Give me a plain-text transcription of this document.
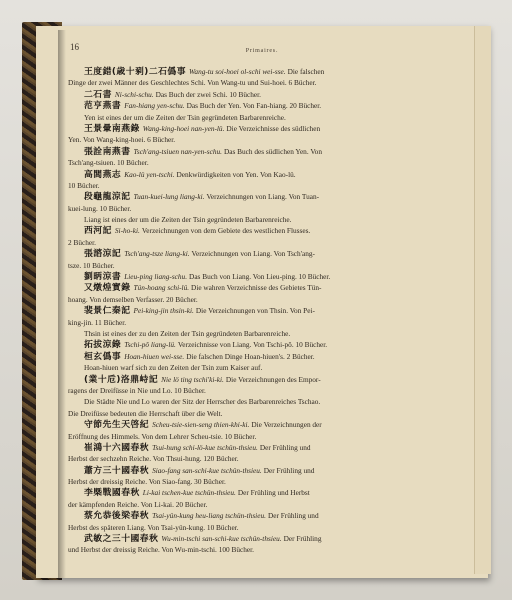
16	Primaires.
王度錯(歳十剢)二石僞事 Wang-tu soi-hoei ol-schi wei-sse. Die falschen
Dinge der zwei Männer des Geschlechtes Schi. Von Wang-tu und Sui-hoei. 6 Bücher.
二石書 Ni-schi-schu. Das Buch der zwei Schi. 10 Bücher.
范亨燕書 Fan-hiang yen-schu. Das Buch der Yen. Von Fan-hiang. 20 Bücher.
Yen ist eines der um die Zeiten der Tsin gegründeten Barbarenreiche.
王景暈南燕錄 Wang-king-hoei nan-yen-lü. Die Verzeichnisse des südlichen
Yen. Von Wang-king-hoei. 6 Bücher.
張詮南燕書 Tsch'ang-tsiuen nan-yen-schu. Das Buch des südlichen Yen. Von
Tsch'ang-tsiuen. 10 Bücher.
高閭燕志 Kao-lü yen-tschi. Denkwürdigkeiten von Yen. Von Kao-lü.
10 Bücher.
段龜龍涼記 Tuan-kuei-lung liang-ki. Verzeichnungen von Liang. Von Tuan-
kuei-lung. 10 Bücher.
Liang ist eines der um die Zeiten der Tsin gegründeten Barbarenreiche.
西河記 Si-ho-ki. Verzeichnungen von dem Gebiete des westlichen Flusses.
2 Bücher.
張諮涼記 Tsch'ang-tsze liang-ki. Verzeichnungen von Liang. Von Tsch'ang-
tsze. 10 Bücher.
劉昞涼書 Lieu-ping liang-schu. Das Buch von Liang. Von Lieu-ping. 10 Bücher.
又燉煌實錄 Tün-hoang schi-lü. Die wahren Verzeichnisse des Gebietes Tün-
hoang. Von demselben Verfasser. 20 Bücher.
裴景仁秦記 Pei-king-jin thsin-ki. Die Verzeichnungen von Thsin. Von Pei-
king-jin. 11 Bücher.
Thsin ist eines der zu den Zeiten der Tsin gegründeten Barbarenreiche.
拓拔涼錄 Tschi-pô liang-lü. Verzeichnisse von Liang. Von Tschi-pô. 10 Bücher.
桓玄僞事 Hoan-hiuen wei-sse. Die falschen Dinge Hoan-hiuen's. 2 Bücher.
Hoan-hiuen warf sich zu den Zeiten der Tsin zum Kaiser auf.
(業十卮)洛鼎峙記 Nie lö ting tschi'ki-ki. Die Verzeichnungen des Empor-
ragens der Dreifüsse in Nie und Lo. 10 Bücher.
Die Städte Nie und Lo waren der Sitz der Herrscher des Barbarenreiches Tschao.
Die Dreifüsse bedeuten die Herrschaft über die Welt.
守節先生天啓紀 Scheu-tsie-sien-seng thien-khi-ki. Die Verzeichnungen der
Eröffnung des Himmels. Von dem Lehrer Scheu-tsie. 10 Bücher.
崔鴻十六國春秋 Tsui-hung schi-lö-kue tschün-thsieu. Der Frühling und
Herbst der sechzehn Reiche. Von Thsui-hung. 120 Bücher.
蕭方三十國春秋 Siao-fang san-schi-kue tschün-thsieu. Der Frühling und
Herbst der dreissig Reiche. Von Siao-fang. 30 Bücher.
李槩戰國春秋 Li-kai tschen-kue tschün-thsieu. Der Frühling und Herbst
der kämpfenden Reiche. Von Li-kai. 20 Bücher.
蔡允恭後梁春秋 Tsai-yün-kung heu-liang tschün-thsieu. Der Frühling und
Herbst des späteren Liang. Von Tsai-yün-kung. 10 Bücher.
武敏之三十國春秋 Wu-min-tschi san-schi-kue tschün-thsieu. Der Frühling
und Herbst der dreissig Reiche. Von Wu-min-tschi. 100 Bücher.
